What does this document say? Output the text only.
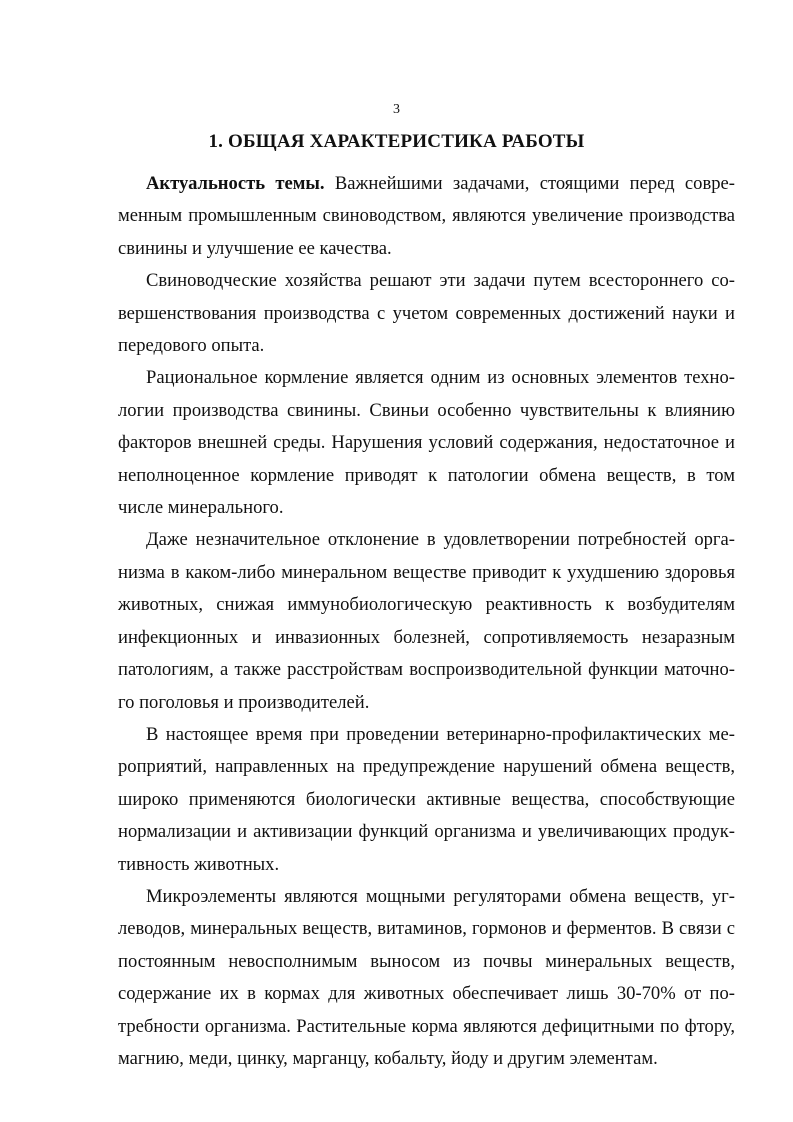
3
1. ОБЩАЯ ХАРАКТЕРИСТИКА РАБОТЫ

Актуальность темы. Важнейшими задачами, стоящими перед современным промышленным свиноводством, являются увеличение производства свинины и улучшение ее качества.

Свиноводческие хозяйства решают эти задачи путем всестороннего совершенствования производства с учетом современных достижений науки и передового опыта.

Рациональное кормление является одним из основных элементов технологии производства свинины. Свиньи особенно чувствительны к влиянию факторов внешней среды. Нарушения условий содержания, недостаточное и неполноценное кормление приводят к патологии обмена веществ, в том числе минерального.

Даже незначительное отклонение в удовлетворении потребностей организма в каком-либо минеральном веществе приводит к ухудшению здоровья животных, снижая иммунобиологическую реактивность к возбудителям инфекционных и инвазионных болезней, сопротивляемость незаразным патологиям, а также расстройствам воспроизводительной функции маточного поголовья и производителей.

В настоящее время при проведении ветеринарно-профилактических мероприятий, направленных на предупреждение нарушений обмена веществ, широко применяются биологически активные вещества, способствующие нормализации и активизации функций организма и увеличивающих продуктивность животных.

Микроэлементы являются мощными регуляторами обмена веществ, углеводов, минеральных веществ, витаминов, гормонов и ферментов. В связи с постоянным невосполнимым выносом из почвы минеральных веществ, содержание их в кормах для животных обеспечивает лишь 30-70% от потребности организма. Растительные корма являются дефицитными по фтору, магнию, меди, цинку, марганцу, кобальту, йоду и другим элементам.
